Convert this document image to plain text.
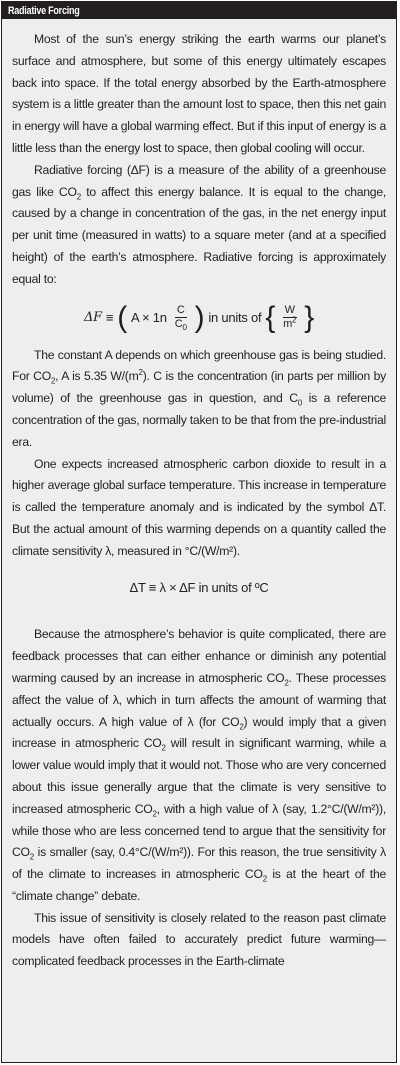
Radiative Forcing

Most of the sun’s energy striking the earth warms our planet’s surface and atmosphere, but some of this energy ultimately escapes back into space. If the total energy absorbed by the Earth-atmosphere system is a little greater than the amount lost to space, then this net gain in energy will have a global warming effect. But if this input of energy is a little less than the energy lost to space, then global cooling will occur.

Radiative forcing (ΔF) is a measure of the ability of a greenhouse gas like $CO_2$ to affect this energy balance. It is equal to the change, caused by a change in concentration of the gas, in the net energy input per unit time (measured in watts) to a square meter (and at a specified height) of the earth’s atmosphere. Radiative forcing is approximately equal to:

ΔF ≡ ( $A \times 1n \frac{C}{C_0}$ ) in units of { $\frac{W}{m^2}$ }

The constant A depends on which greenhouse gas is being studied. For $CO_2$, A is 5.35 $W/(m^2)$. C is the concentration (in parts per million by volume) of the greenhouse gas in question, and $C_0$ is a reference concentration of the gas, normally taken to be that from the pre-industrial era.

One expects increased atmospheric carbon dioxide to result in a higher average global surface temperature. This increase in temperature is called the temperature anomaly and is indicated by the symbol ΔT. But the actual amount of this warming depends on a quantity called the climate sensitivity λ, measured in °C/(W/m²).

ΔT ≡ λ × ΔF in units of ºC

Because the atmosphere’s behavior is quite complicated, there are feedback processes that can either enhance or diminish any potential warming caused by an increase in atmospheric $CO_2$. These processes affect the value of λ, which in turn affects the amount of warming that actually occurs. A high value of λ (for $CO_2$) would imply that a given increase in atmospheric $CO_2$ will result in significant warming, while a lower value would imply that it would not. Those who are very concerned about this issue generally argue that the climate is very sensitive to increased atmospheric $CO_2$, with a high value of λ (say, 1.2°C/(W/m²)), while those who are less concerned tend to argue that the sensitivity for $CO_2$ is smaller (say, 0.4°C/(W/m²)). For this reason, the true sensitivity λ of the climate to increases in atmospheric $CO_2$ is at the heart of the “climate change” debate.

This issue of sensitivity is closely related to the reason past climate models have often failed to accurately predict future warming—complicated feedback processes in the Earth-climate
